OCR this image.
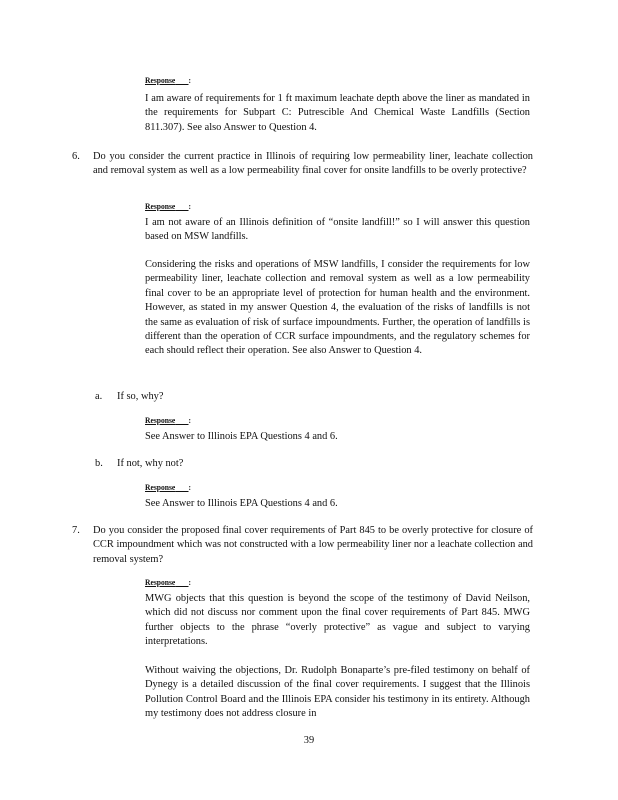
Response :

I am aware of requirements for 1 ft maximum leachate depth above the liner as mandated in the requirements for Subpart C: Putrescible And Chemical Waste Landfills (Section 811.307). See also Answer to Question 4.

6. Do you consider the current practice in Illinois of requiring low permeability liner, leachate collection and removal system as well as a low permeability final cover for onsite landfills to be overly protective?
Response :

I am not aware of an Illinois definition of “onsite landfill!” so I will answer this question based on MSW landfills.

Considering the risks and operations of MSW landfills, I consider the requirements for low permeability liner, leachate collection and removal system as well as a low permeability final cover to be an appropriate level of protection for human health and the environment. However, as stated in my answer Question 4, the evaluation of the risks of landfills is not the same as evaluation of risk of surface impoundments. Further, the operation of landfills is different than the operation of CCR surface impoundments, and the regulatory schemes for each should reflect their operation. See also Answer to Question 4.

a. If so, why?
Response :
See Answer to Illinois EPA Questions 4 and 6.
b. If not, why not?
Response :
See Answer to Illinois EPA Questions 4 and 6.
7. Do you consider the proposed final cover requirements of Part 845 to be overly protective for closure of CCR impoundment which was not constructed with a low permeability liner nor a leachate collection and removal system?
Response :

MWG objects that this question is beyond the scope of the testimony of David Neilson, which did not discuss nor comment upon the final cover requirements of Part 845. MWG further objects to the phrase “overly protective” as vague and subject to varying interpretations.

Without waiving the objections, Dr. Rudolph Bonaparte’s pre-filed testimony on behalf of Dynegy is a detailed discussion of the final cover requirements. I suggest that the Illinois Pollution Control Board and the Illinois EPA consider his testimony in its entirety. Although my testimony does not address closure in

39
